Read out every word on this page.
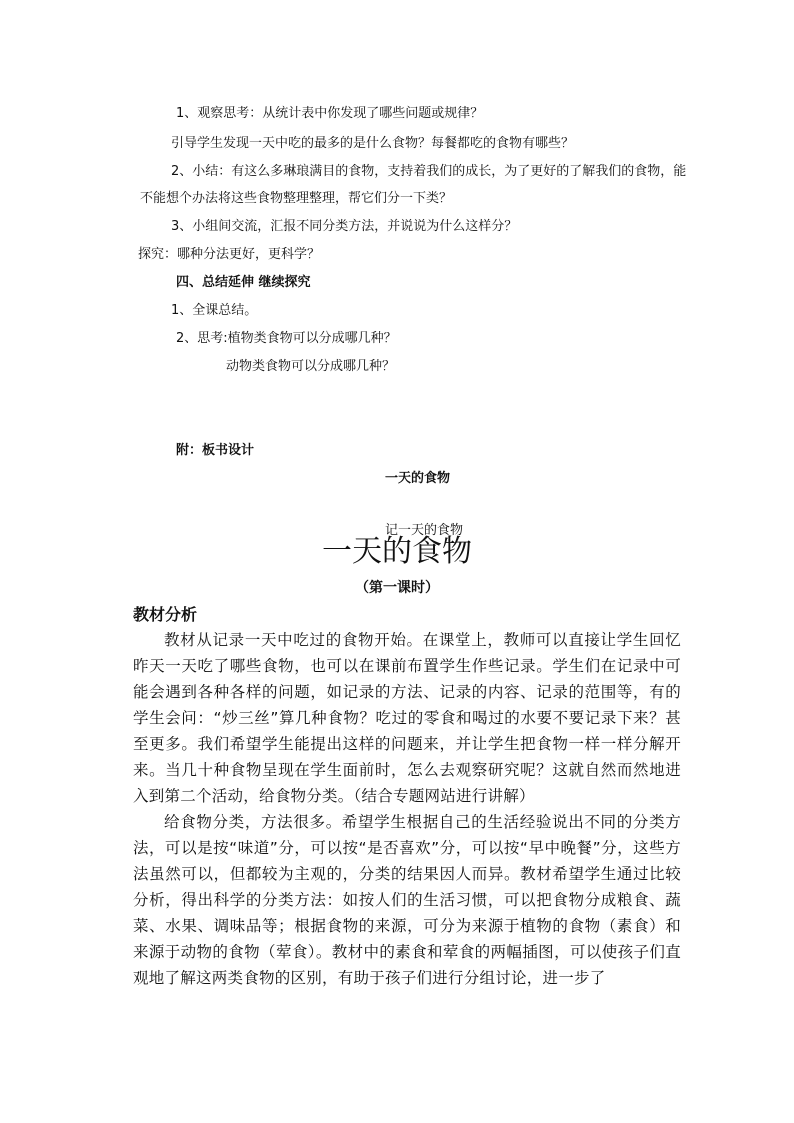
1、观察思考：从统计表中你发现了哪些问题或规律？
引导学生发现一天中吃的最多的是什么食物？每餐都吃的食物有哪些？
2、小结：有这么多琳琅满目的食物，支持着我们的成长，为了更好的了解我们的食物，能
不能想个办法将这些食物整理整理，帮它们分一下类？
3、小组间交流，汇报不同分类方法，并说说为什么这样分？
探究：哪种分法更好，更科学？
四、总结延伸 继续探究
1、全课总结。
2、思考:植物类食物可以分成哪几种？
动物类食物可以分成哪几种？
附：板书设计
一天的食物
记一天的食物
一天的食物
（第一课时）
教材分析

教材从记录一天中吃过的食物开始。在课堂上，教师可以直接让学生回忆昨天一天吃了哪些食物，也可以在课前布置学生作些记录。学生们在记录中可能会遇到各种各样的问题，如记录的方法、记录的内容、记录的范围等，有的学生会问：“炒三丝”算几种食物？吃过的零食和喝过的水要不要记录下来？甚至更多。我们希望学生能提出这样的问题来，并让学生把食物一样一样分解开来。当几十种食物呈现在学生面前时，怎么去观察研究呢？这就自然而然地进入到第二个活动，给食物分类。（结合专题网站进行讲解）

给食物分类，方法很多。希望学生根据自己的生活经验说出不同的分类方法，可以是按“味道”分，可以按“是否喜欢”分，可以按“早中晚餐”分，这些方法虽然可以，但都较为主观的，分类的结果因人而异。教材希望学生通过比较分析，得出科学的分类方法：如按人们的生活习惯，可以把食物分成粮食、蔬菜、水果、调味品等；根据食物的来源，可分为来源于植物的食物（素食）和来源于动物的食物（荤食）。教材中的素食和荤食的两幅插图，可以使孩子们直观地了解这两类食物的区别，有助于孩子们进行分组讨论，进一步了
